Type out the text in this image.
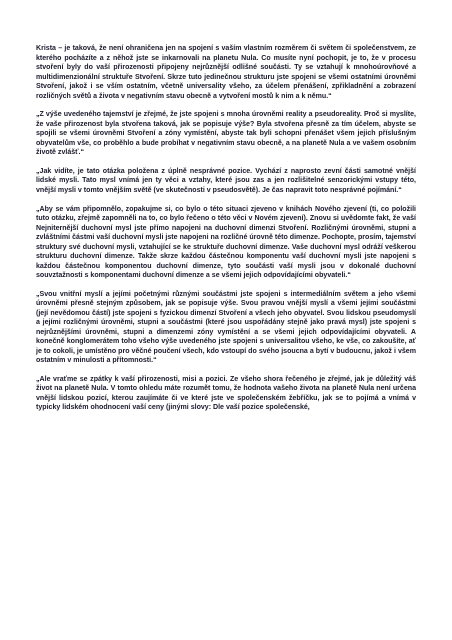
Krista – je taková, že není ohraničena jen na spojení s vaším vlastním rozměrem či světem či společenstvem, ze kterého pocházíte a z něhož jste se inkarnovali na planetu Nula. Co musíte nyní pochopit, je to, že v procesu stvoření byly do vaší přirozenosti připojeny nejrůznější odlišné součásti. Ty se vztahují k mnohoúrovňové a multidimenzionální struktuře Stvoření. Skrze tuto jedinečnou strukturu jste spojeni se všemi ostatními úrovněmi Stvoření, jakož i se vším ostatním, včetně universality všeho, za účelem přenášení, zpřikladnění a zobrazení rozličných světů a života v negativním stavu obecně a vytvoření mostů k nim a k němu.“

„Z výše uvedeného tajemství je zřejmé, že jste spojeni s mnoha úrovněmi reality a pseudoreality. Proč si myslíte, že vaše přirozenost byla stvořena taková, jak se popisuje výše? Byla stvořena přesně za tím účelem, abyste se spojili se všemi úrovněmi Stvoření a zóny vymístění, abyste tak byli schopni přenášet všem jejich příslušným obyvatelům vše, co proběhlo a bude probíhat v negativním stavu obecně, a na planetě Nula a ve vašem osobním životě zvlášť.“

„Jak vidíte, je tato otázka položena z úplně nesprávné pozice. Vychází z naprosto zevní části samotné vnější lidské mysli. Tato mysl vnímá jen ty věci a vztahy, které jsou zas a jen rozlišitelné senzorickými vstupy této, vnější mysli v tomto vnějším světě (ve skutečnosti v pseudosvětě). Je čas napravit toto nesprávné pojímání.“

„Aby se vám připomnělo, zopakujme si, co bylo o této situaci zjeveno v knihách Nového zjevení (ti, co položili tuto otázku, zřejmě zapomněli na to, co bylo řečeno o této věci v Novém zjevení). Znovu si uvědomte fakt, že vaší Nejniternější duchovní mysl jste přímo napojeni na duchovní dimenzi Stvoření. Rozličnými úrovněmi, stupni a zvláštními částmi vaší duchovní mysli jste napojeni na rozličné úrovně této dimenze. Pochopte, prosím, tajemství struktury své duchovní mysli, vztahující se ke struktuře duchovní dimenze. Vaše duchovní mysl odráží veškerou strukturu duchovní dimenze. Takže skrze každou částečnou komponentu vaší duchovní mysli jste napojeni s každou částečnou komponentou duchovní dimenze, tyto součásti vaší mysli jsou v dokonalé duchovní souvztažnosti s komponentami duchovní dimenze a se všemi jejich odpovídajícími obyvateli.“

„Svou vnitřní myslí a jejími početnými různými součástmi jste spojeni s intermediálním světem a jeho všemi úrovněmi přesně stejným způsobem, jak se popisuje výše. Svou pravou vnější myslí a všemi jejími součástmi (její nevědomou částí) jste spojeni s fyzickou dimenzí Stvoření a všech jeho obyvatel. Svou lidskou pseudomyslí a jejími rozličnými úrovněmi, stupni a součástmi (které jsou uspořádány stejně jako pravá mysl) jste spojeni s nejrůznějšími úrovněmi, stupni a dimenzemi zóny vymístění a se všemi jejich odpovídajícími obyvateli. A konečně konglomerátem toho všeho výše uvedeného jste spojeni s universalitou všeho, ke vše, co zakoušíte, ať je to cokoli, je umístěno pro věčné poučení všech, kdo vstoupí do svého jsoucna a bytí v budoucnu, jakož i všem ostatním v minulosti a přítomnosti.“

„Ale vraťme se zpátky k vaší přirozenosti, misi a pozici. Ze všeho shora řečeného je zřejmé, jak je důležitý váš život na planetě Nula. V tomto ohledu máte rozumět tomu, že hodnota vašeho života na planetě Nula není určena vnější lidskou pozicí, kterou zaujímáte či ve které jste ve společenském žebříčku, jak se to pojímá a vnímá v typicky lidském ohodnocení vaší ceny (jinými slovy: Dle vaší pozice společenské,
